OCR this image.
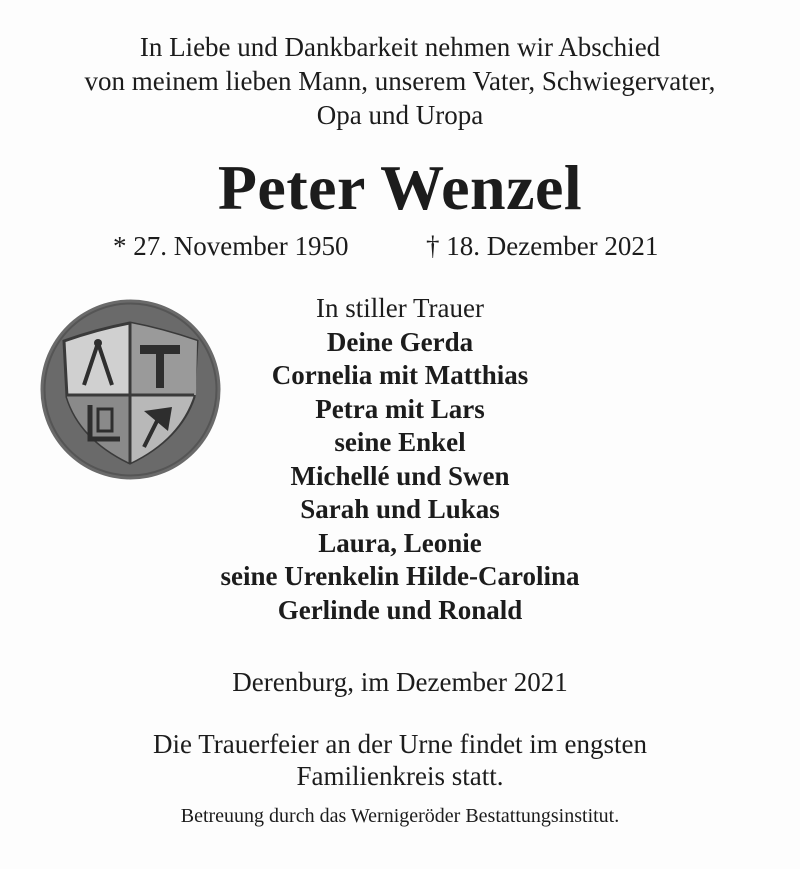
In Liebe und Dankbarkeit nehmen wir Abschied
von meinem lieben Mann, unserem Vater, Schwiegervater,
Opa und Uropa
Peter Wenzel
* 27. November 1950	† 18. Dezember 2021
In stiller Trauer
Deine Gerda
Cornelia mit Matthias
Petra mit Lars
seine Enkel
Michellé und Swen
Sarah und Lukas
Laura, Leonie
seine Urenkelin Hilde-Carolina
Gerlinde und Ronald
Derenburg, im Dezember 2021
Die Trauerfeier an der Urne findet im engsten
Familienkreis statt.
Betreuung durch das Wernigeröder Bestattungsinstitut.
